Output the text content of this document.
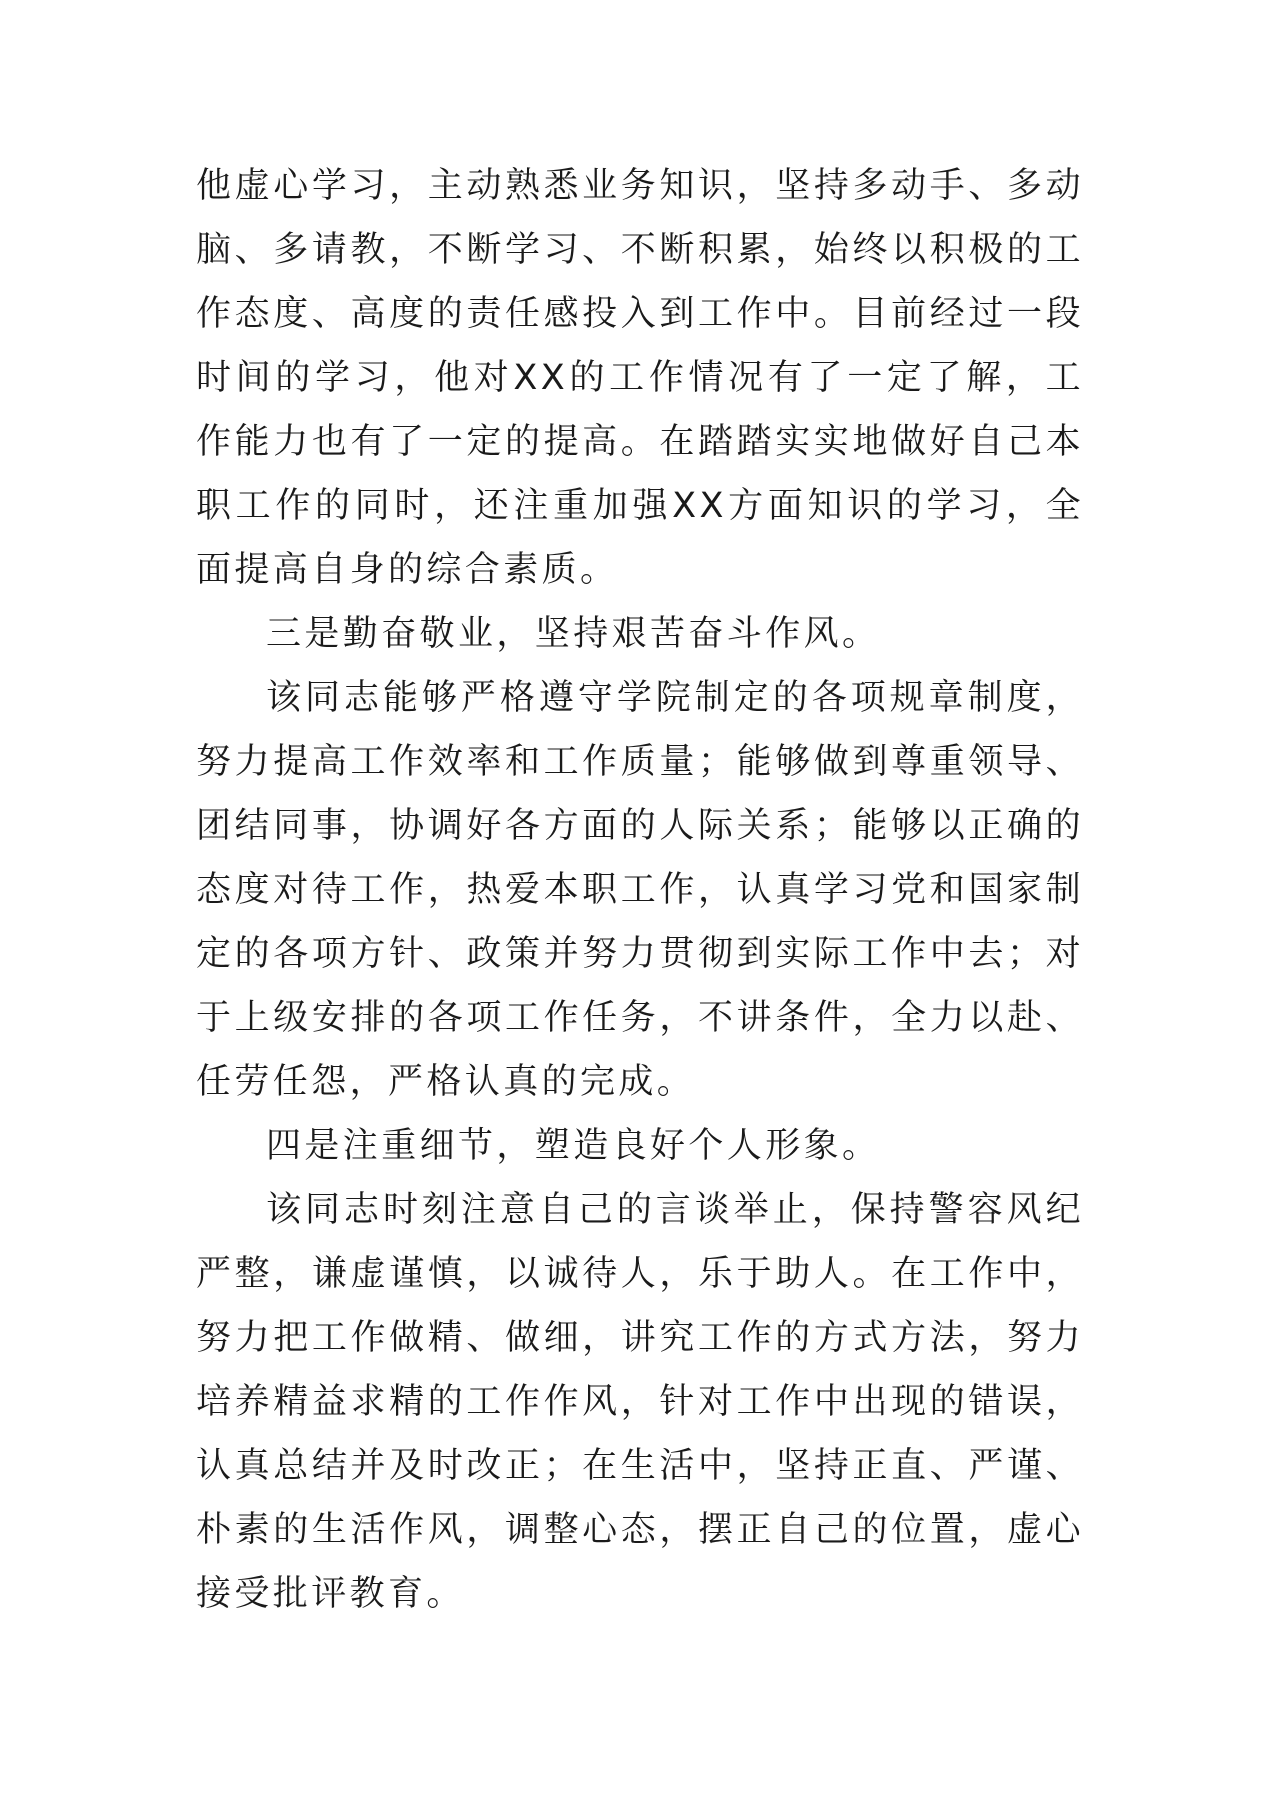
他虚心学习，主动熟悉业务知识，坚持多动手、多动脑、多请教，不断学习、不断积累，始终以积极的工作态度、高度的责任感投入到工作中。目前经过一段时间的学习，他对XX的工作情况有了一定了解，工作能力也有了一定的提高。在踏踏实实地做好自己本职工作的同时，还注重加强XX方面知识的学习，全面提高自身的综合素质。

三是勤奋敬业，坚持艰苦奋斗作风。

该同志能够严格遵守学院制定的各项规章制度，努力提高工作效率和工作质量；能够做到尊重领导、团结同事，协调好各方面的人际关系；能够以正确的态度对待工作，热爱本职工作，认真学习党和国家制定的各项方针、政策并努力贯彻到实际工作中去；对于上级安排的各项工作任务，不讲条件，全力以赴、任劳任怨，严格认真的完成。

四是注重细节，塑造良好个人形象。

该同志时刻注意自己的言谈举止，保持警容风纪严整，谦虚谨慎，以诚待人，乐于助人。在工作中，努力把工作做精、做细，讲究工作的方式方法，努力培养精益求精的工作作风，针对工作中出现的错误，认真总结并及时改正；在生活中，坚持正直、严谨、朴素的生活作风，调整心态，摆正自己的位置，虚心接受批评教育。
